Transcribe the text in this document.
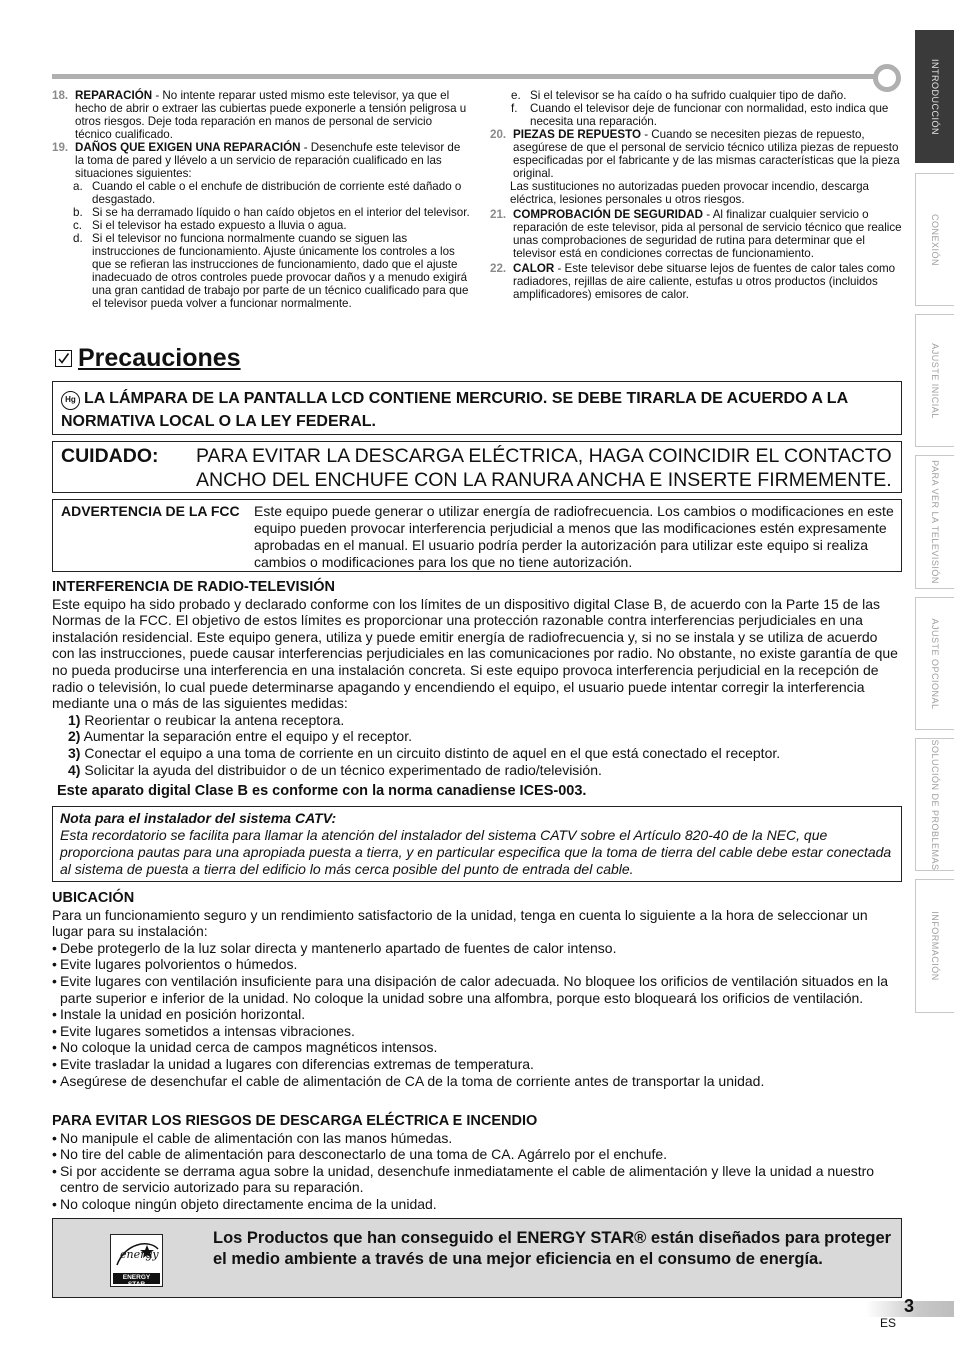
INTRODUCCIÓN
CONEXIÓN
AJUSTE INICIAL
PARA VER LA TELEVISIÓN
AJUSTE OPCIONAL
SOLUCIÓN DE PROBLEMAS
INFORMACIÓN
18. REPARACIÓN - No intente reparar usted mismo este televisor, ya que el hecho de abrir o extraer las cubiertas puede exponerle a tensión peligrosa u otros riesgos. Deje toda reparación en manos de personal de servicio técnico cualificado.
19. DAÑOS QUE EXIGEN UNA REPARACIÓN - Desenchufe este televisor de la toma de pared y llévelo a un servicio de reparación cualificado en las situaciones siguientes:
a. Cuando el cable o el enchufe de distribución de corriente esté dañado o desgastado.
b. Si se ha derramado líquido o han caído objetos en el interior del televisor.
c. Si el televisor ha estado expuesto a lluvia o agua.
d. Si el televisor no funciona normalmente cuando se siguen las instrucciones de funcionamiento. Ajuste únicamente los controles a los que se refieran las instrucciones de funcionamiento, dado que el ajuste inadecuado de otros controles puede provocar daños y a menudo exigirá una gran cantidad de trabajo por parte de un técnico cualificado para que el televisor pueda volver a funcionar normalmente.
e. Si el televisor se ha caído o ha sufrido cualquier tipo de daño.
f. Cuando el televisor deje de funcionar con normalidad, esto indica que necesita una reparación.
20. PIEZAS DE REPUESTO - Cuando se necesiten piezas de repuesto, asegúrese de que el personal de servicio técnico utiliza piezas de repuesto especificadas por el fabricante y de las mismas características que la pieza original.
Las sustituciones no autorizadas pueden provocar incendio, descarga eléctrica, lesiones personales u otros riesgos.
21. COMPROBACIÓN DE SEGURIDAD - Al finalizar cualquier servicio o reparación de este televisor, pida al personal de servicio técnico que realice unas comprobaciones de seguridad de rutina para determinar que el televisor está en condiciones correctas de funcionamiento.
22. CALOR - Este televisor debe situarse lejos de fuentes de calor tales como radiadores, rejillas de aire caliente, estufas u otros productos (incluidos amplificadores) emisores de calor.
Precauciones
Hg LA LÁMPARA DE LA PANTALLA LCD CONTIENE MERCURIO. SE DEBE TIRARLA DE ACUERDO A LA NORMATIVA LOCAL O LA LEY FEDERAL.
CUIDADO: PARA EVITAR LA DESCARGA ELÉCTRICA, HAGA COINCIDIR EL CONTACTO ANCHO DEL ENCHUFE CON LA RANURA ANCHA E INSERTE FIRMEMENTE.
ADVERTENCIA DE LA FCC Este equipo puede generar o utilizar energía de radiofrecuencia. Los cambios o modificaciones en este equipo pueden provocar interferencia perjudicial a menos que las modificaciones estén expresamente aprobadas en el manual. El usuario podría perder la autorización para utilizar este equipo si realiza cambios o modificaciones para los que no tiene autorización.
INTERFERENCIA DE RADIO-TELEVISIÓN
Este equipo ha sido probado y declarado conforme con los límites de un dispositivo digital Clase B, de acuerdo con la Parte 15 de las Normas de la FCC. El objetivo de estos límites es proporcionar una protección razonable contra interferencias perjudiciales en una instalación residencial. Este equipo genera, utiliza y puede emitir energía de radiofrecuencia y, si no se instala y se utiliza de acuerdo con las instrucciones, puede causar interferencias perjudiciales en las comunicaciones por radio. No obstante, no existe garantía de que no pueda producirse una interferencia en una instalación concreta. Si este equipo provoca interferencia perjudicial en la recepción de radio o televisión, lo cual puede determinarse apagando y encendiendo el equipo, el usuario puede intentar corregir la interferencia mediante una o más de las siguientes medidas:
1) Reorientar o reubicar la antena receptora.
2) Aumentar la separación entre el equipo y el receptor.
3) Conectar el equipo a una toma de corriente en un circuito distinto de aquel en el que está conectado el receptor.
4) Solicitar la ayuda del distribuidor o de un técnico experimentado de radio/televisión.
Este aparato digital Clase B es conforme con la norma canadiense ICES-003.
Nota para el instalador del sistema CATV:
Esta recordatorio se facilita para llamar la atención del instalador del sistema CATV sobre el Artículo 820-40 de la NEC, que proporciona pautas para una apropiada puesta a tierra, y en particular especifica que la toma de tierra del cable debe estar conectada al sistema de puesta a tierra del edificio lo más cerca posible del punto de entrada del cable.
UBICACIÓN
Para un funcionamiento seguro y un rendimiento satisfactorio de la unidad, tenga en cuenta lo siguiente a la hora de seleccionar un lugar para su instalación:
• Debe protegerlo de la luz solar directa y mantenerlo apartado de fuentes de calor intenso.
• Evite lugares polvorientos o húmedos.
• Evite lugares con ventilación insuficiente para una disipación de calor adecuada. No bloquee los orificios de ventilación situados en la parte superior e inferior de la unidad. No coloque la unidad sobre una alfombra, porque esto bloqueará los orificios de ventilación.
• Instale la unidad en posición horizontal.
• Evite lugares sometidos a intensas vibraciones.
• No coloque la unidad cerca de campos magnéticos intensos.
• Evite trasladar la unidad a lugares con diferencias extremas de temperatura.
• Asegúrese de desenchufar el cable de alimentación de CA de la toma de corriente antes de transportar la unidad.
PARA EVITAR LOS RIESGOS DE DESCARGA ELÉCTRICA E INCENDIO
• No manipule el cable de alimentación con las manos húmedas.
• No tire del cable de alimentación para desconectarlo de una toma de CA. Agárrelo por el enchufe.
• Si por accidente se derrama agua sobre la unidad, desenchufe inmediatamente el cable de alimentación y lleve la unidad a nuestro centro de servicio autorizado para su reparación.
• No coloque ningún objeto directamente encima de la unidad.
energy
ENERGY STAR
Los Productos que han conseguido el ENERGY STAR® están diseñados para proteger el medio ambiente a través de una mejor eficiencia en el consumo de energía.
3
ES
